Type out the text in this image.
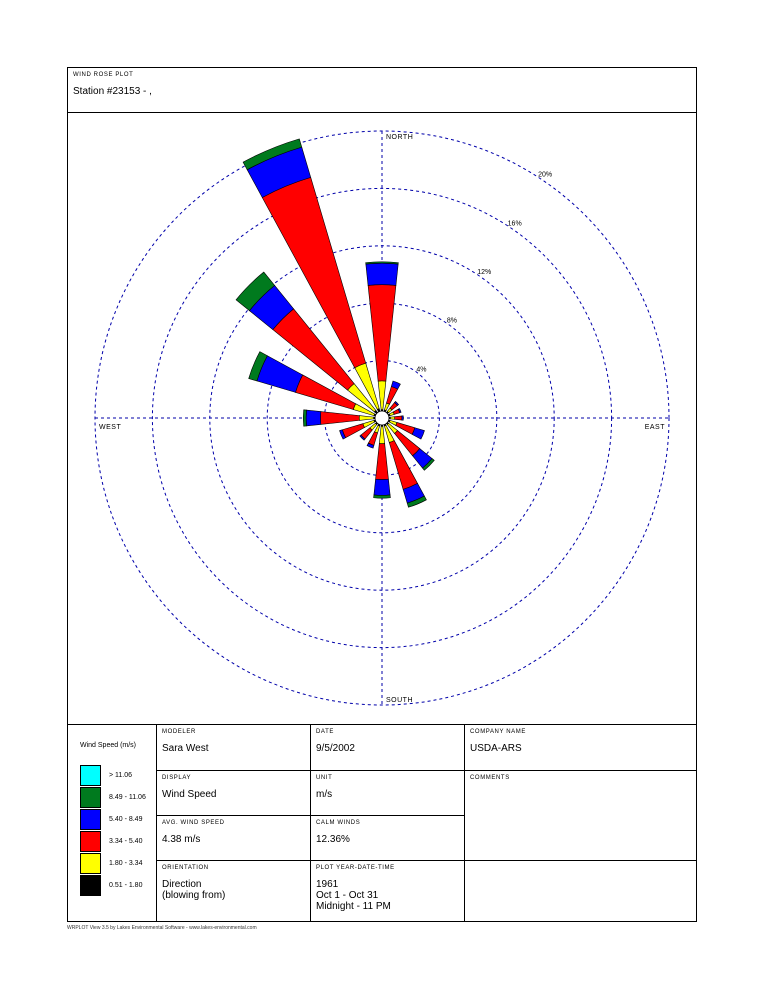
WIND ROSE PLOT
Station #23153 - ,
Wind Speed (m/s)
> 11.06
8.49 - 11.06
5.40 - 8.49
3.34 - 5.40
1.80 - 3.34
0.51 - 1.80
MODELER
Sara West
DATE
9/5/2002
COMPANY NAME
USDA-ARS
DISPLAY
Wind Speed
UNIT
m/s
COMMENTS
AVG. WIND SPEED
4.38 m/s
CALM WINDS
12.36%
ORIENTATION
Direction
(blowing from)
PLOT YEAR-DATE-TIME
1961
Oct 1 - Oct 31
Midnight - 11 PM
4%
8%
12%
16%
20%
NORTH
EAST
SOUTH
WEST
WRPLOT View 3.5 by Lakes Environmental Software - www.lakes-environmental.com
